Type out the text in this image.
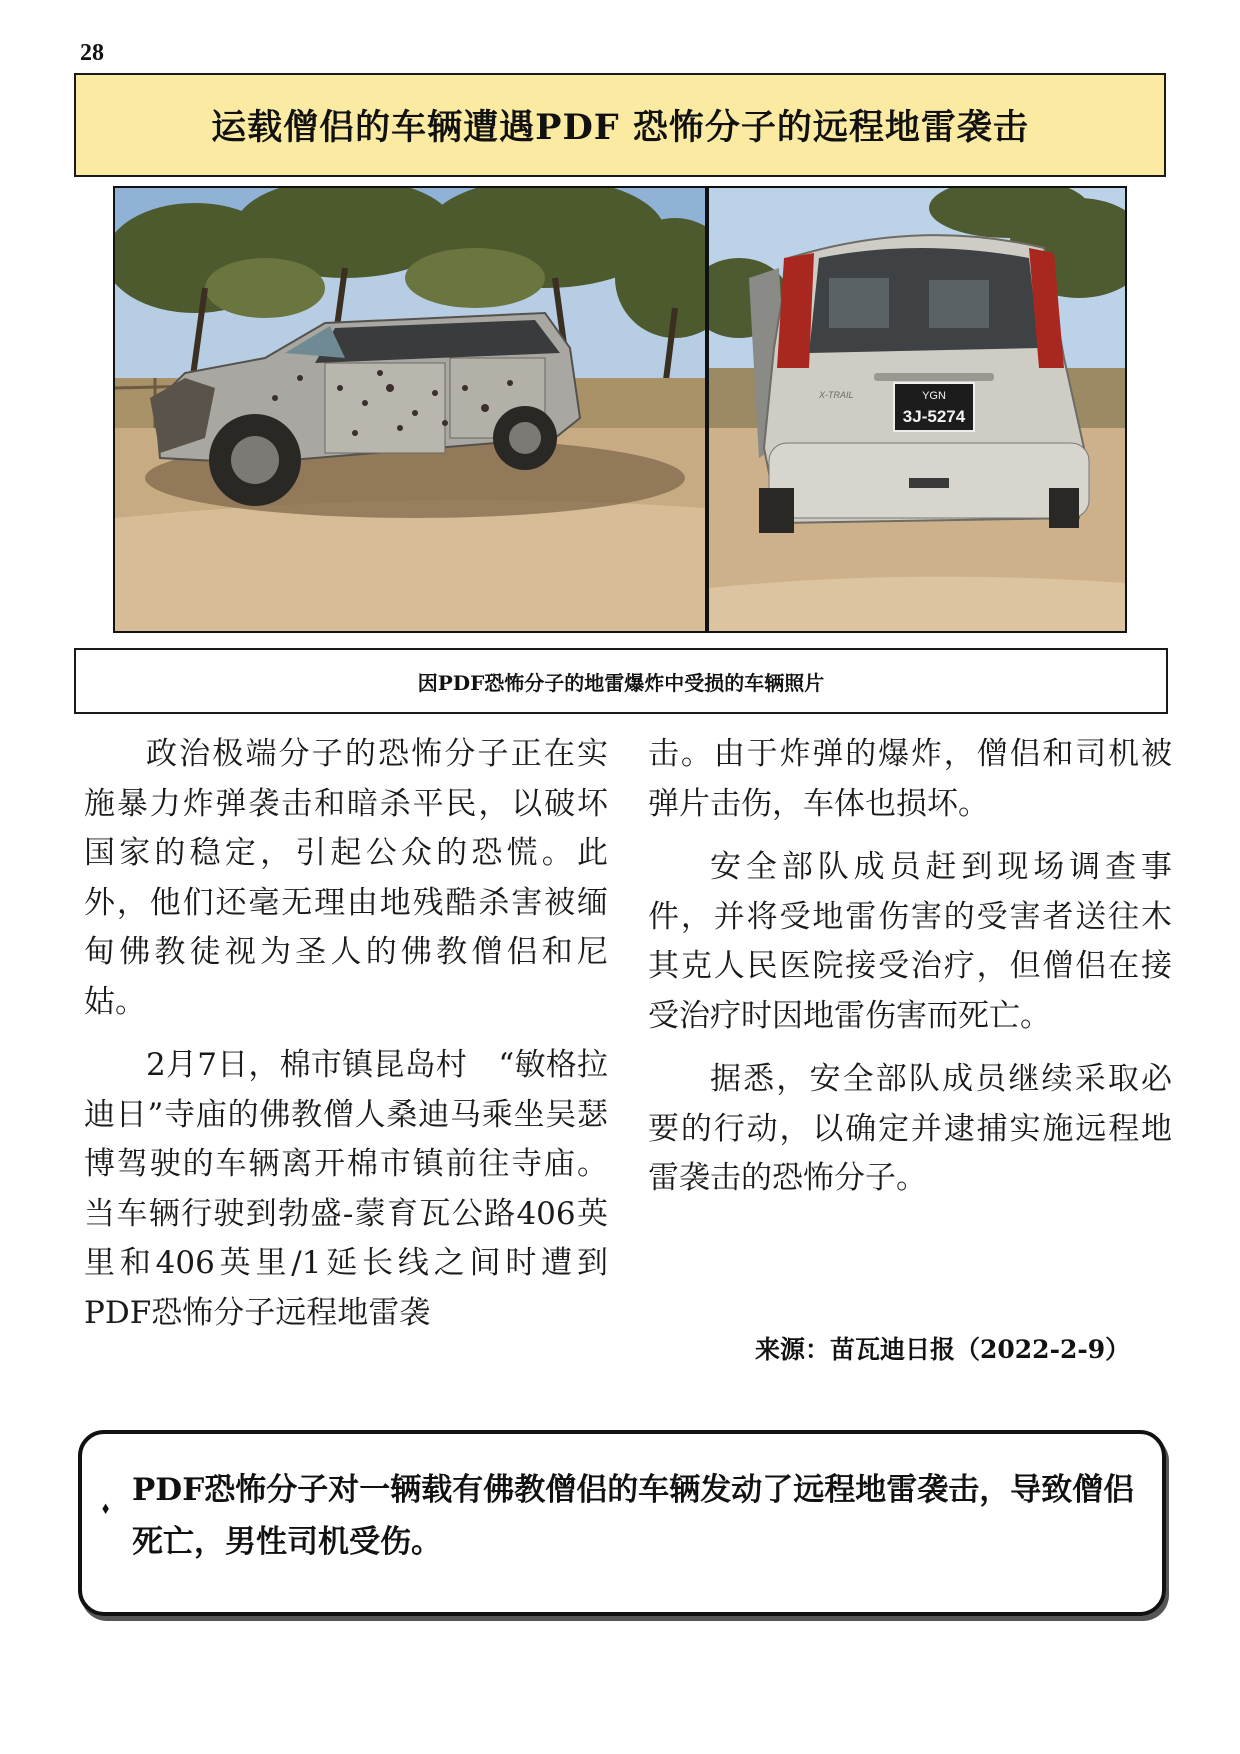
28
运载僧侣的车辆遭遇PDF 恐怖分子的远程地雷袭击
YGN
3J-5274
X-TRAIL
因PDF恐怖分子的地雷爆炸中受损的车辆照片

政治极端分子的恐怖分子正在实施暴力炸弹袭击和暗杀平民，以破坏国家的稳定，引起公众的恐慌。此外，他们还毫无理由地残酷杀害被缅甸佛教徒视为圣人的佛教僧侣和尼姑。

2月7日，棉市镇昆岛村　“敏格拉迪日”寺庙的佛教僧人桑迪马乘坐吴瑟博驾驶的车辆离开棉市镇前往寺庙。当车辆行驶到勃盛-蒙育瓦公路406英里和406英里/1延长线之间时遭到PDF恐怖分子远程地雷袭

击。由于炸弹的爆炸，僧侣和司机被弹片击伤，车体也损坏。

安全部队成员赶到现场调查事件，并将受地雷伤害的受害者送往木其克人民医院接受治疗，但僧侣在接受治疗时因地雷伤害而死亡。

据悉，安全部队成员继续采取必要的行动，以确定并逮捕实施远程地雷袭击的恐怖分子。

来源：苗瓦迪日报（2022-2-9）
⬧ PDF恐怖分子对一辆载有佛教僧侣的车辆发动了远程地雷袭击，导致僧侣死亡，男性司机受伤。
